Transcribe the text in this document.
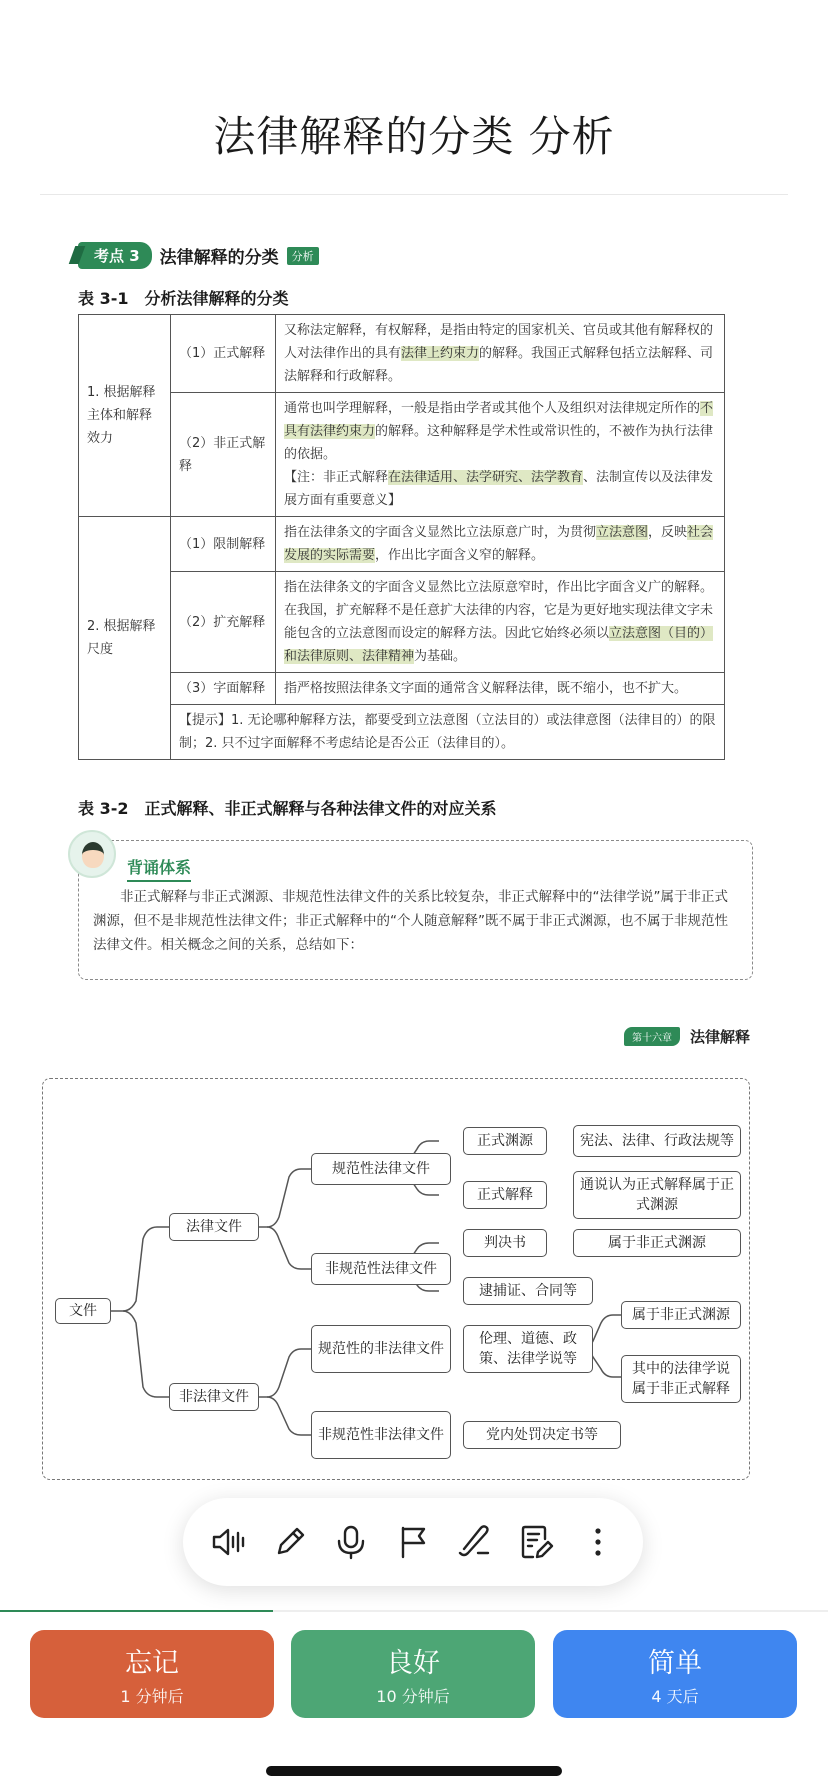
法律解释的分类 分析
考点 3	法律解释的分类	分析
表 3-1　分析法律解释的分类
1. 根据解释主体和解释效力	（1）正式解释	又称法定解释，有权解释，是指由特定的国家机关、官员或其他有解释权的人对法律作出的具有法律上约束力的解释。我国正式解释包括立法解释、司法解释和行政解释。
	（2）非正式解释	通常也叫学理解释，一般是指由学者或其他个人及组织对法律规定所作的不具有法律约束力的解释。这种解释是学术性或常识性的，不被作为执行法律的依据。
【注：非正式解释在法律适用、法学研究、法学教育、法制宣传以及法律发展方面有重要意义】
2. 根据解释尺度	（1）限制解释	指在法律条文的字面含义显然比立法原意广时，为贯彻立法意图，反映社会发展的实际需要，作出比字面含义窄的解释。
	（2）扩充解释	指在法律条文的字面含义显然比立法原意窄时，作出比字面含义广的解释。在我国，扩充解释不是任意扩大法律的内容，它是为更好地实现法律文字未能包含的立法意图而设定的解释方法。因此它始终必须以立法意图（目的）和法律原则、法律精神为基础。
	（3）字面解释	指严格按照法律条文字面的通常含义解释法律，既不缩小，也不扩大。
	【提示】1. 无论哪种解释方法，都要受到立法意图（立法目的）或法律意图（法律目的）的限制；2. 只不过字面解释不考虑结论是否公正（法律目的）。	
表 3-2　正式解释、非正式解释与各种法律文件的对应关系
背诵体系
非正式解释与非正式渊源、非规范性法律文件的关系比较复杂，非正式解释中的“法律学说”属于非正式渊源，但不是非规范性法律文件；非正式解释中的“个人随意解释”既不属于非正式渊源，也不属于非规范性法律文件。相关概念之间的关系，总结如下：
第十六章	法律解释
文件
法律文件
非法律文件
规范性法律文件
非规范性法律文件
规范性的非法律文件
非规范性非法律文件
正式渊源
正式解释
判决书
逮捕证、合同等
伦理、道德、政策、法律学说等
党内处罚决定书等
宪法、法律、行政法规等
通说认为正式解释属于正式渊源
属于非正式渊源
属于非正式渊源
其中的法律学说属于非正式解释
忘记
1 分钟后
良好
10 分钟后
简单
4 天后
